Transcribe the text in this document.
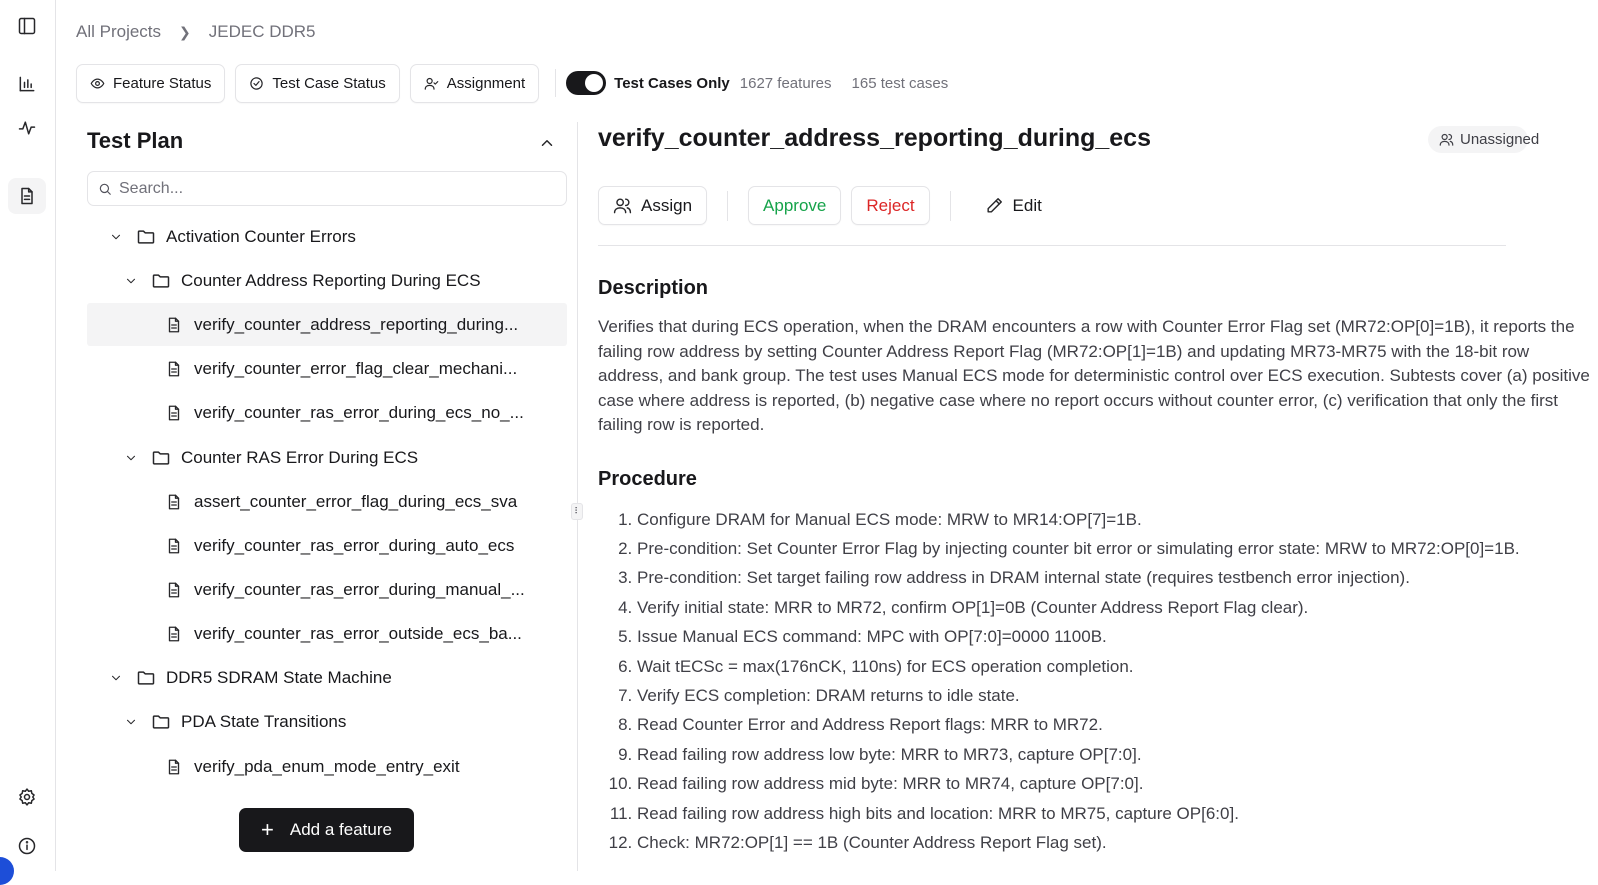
All Projects ❯ JEDEC DDR5
Feature Status	Test Case Status	Assignment	Test Cases Only 1627 features 165 test cases
Test Plan
Search...
Activation Counter Errors
Counter Address Reporting During ECS
verify_counter_address_reporting_during...
verify_counter_error_flag_clear_mechani...
verify_counter_ras_error_during_ecs_no_...
Counter RAS Error During ECS
assert_counter_error_flag_during_ecs_sva
verify_counter_ras_error_during_auto_ecs
verify_counter_ras_error_during_manual_...
verify_counter_ras_error_outside_ecs_ba...
DDR5 SDRAM State Machine
PDA State Transitions
verify_pda_enum_mode_entry_exit
+ Add a feature
⠇
verify_counter_address_reporting_during_ecs	Unassigned
Assign	Approve	Reject	Edit
Description
Verifies that during ECS operation, when the DRAM encounters a row with Counter Error Flag set (MR72:OP[0]=1B), it reports the failing row address by setting Counter Address Report Flag (MR72:OP[1]=1B) and updating MR73-MR75 with the 18-bit row address, and bank group. The test uses Manual ECS mode for deterministic control over ECS execution. Subtests cover (a) positive case where address is reported, (b) negative case where no report occurs without counter error, (c) verification that only the first failing row is reported.
Procedure
1. Configure DRAM for Manual ECS mode: MRW to MR14:OP[7]=1B.
2. Pre-condition: Set Counter Error Flag by injecting counter bit error or simulating error state: MRW to MR72:OP[0]=1B.
3. Pre-condition: Set target failing row address in DRAM internal state (requires testbench error injection).
4. Verify initial state: MRR to MR72, confirm OP[1]=0B (Counter Address Report Flag clear).
5. Issue Manual ECS command: MPC with OP[7:0]=0000 1100B.
6. Wait tECSc = max(176nCK, 110ns) for ECS operation completion.
7. Verify ECS completion: DRAM returns to idle state.
8. Read Counter Error and Address Report flags: MRR to MR72.
9. Read failing row address low byte: MRR to MR73, capture OP[7:0].
10. Read failing row address mid byte: MRR to MR74, capture OP[7:0].
11. Read failing row address high bits and location: MRR to MR75, capture OP[6:0].
12. Check: MR72:OP[1] == 1B (Counter Address Report Flag set).
